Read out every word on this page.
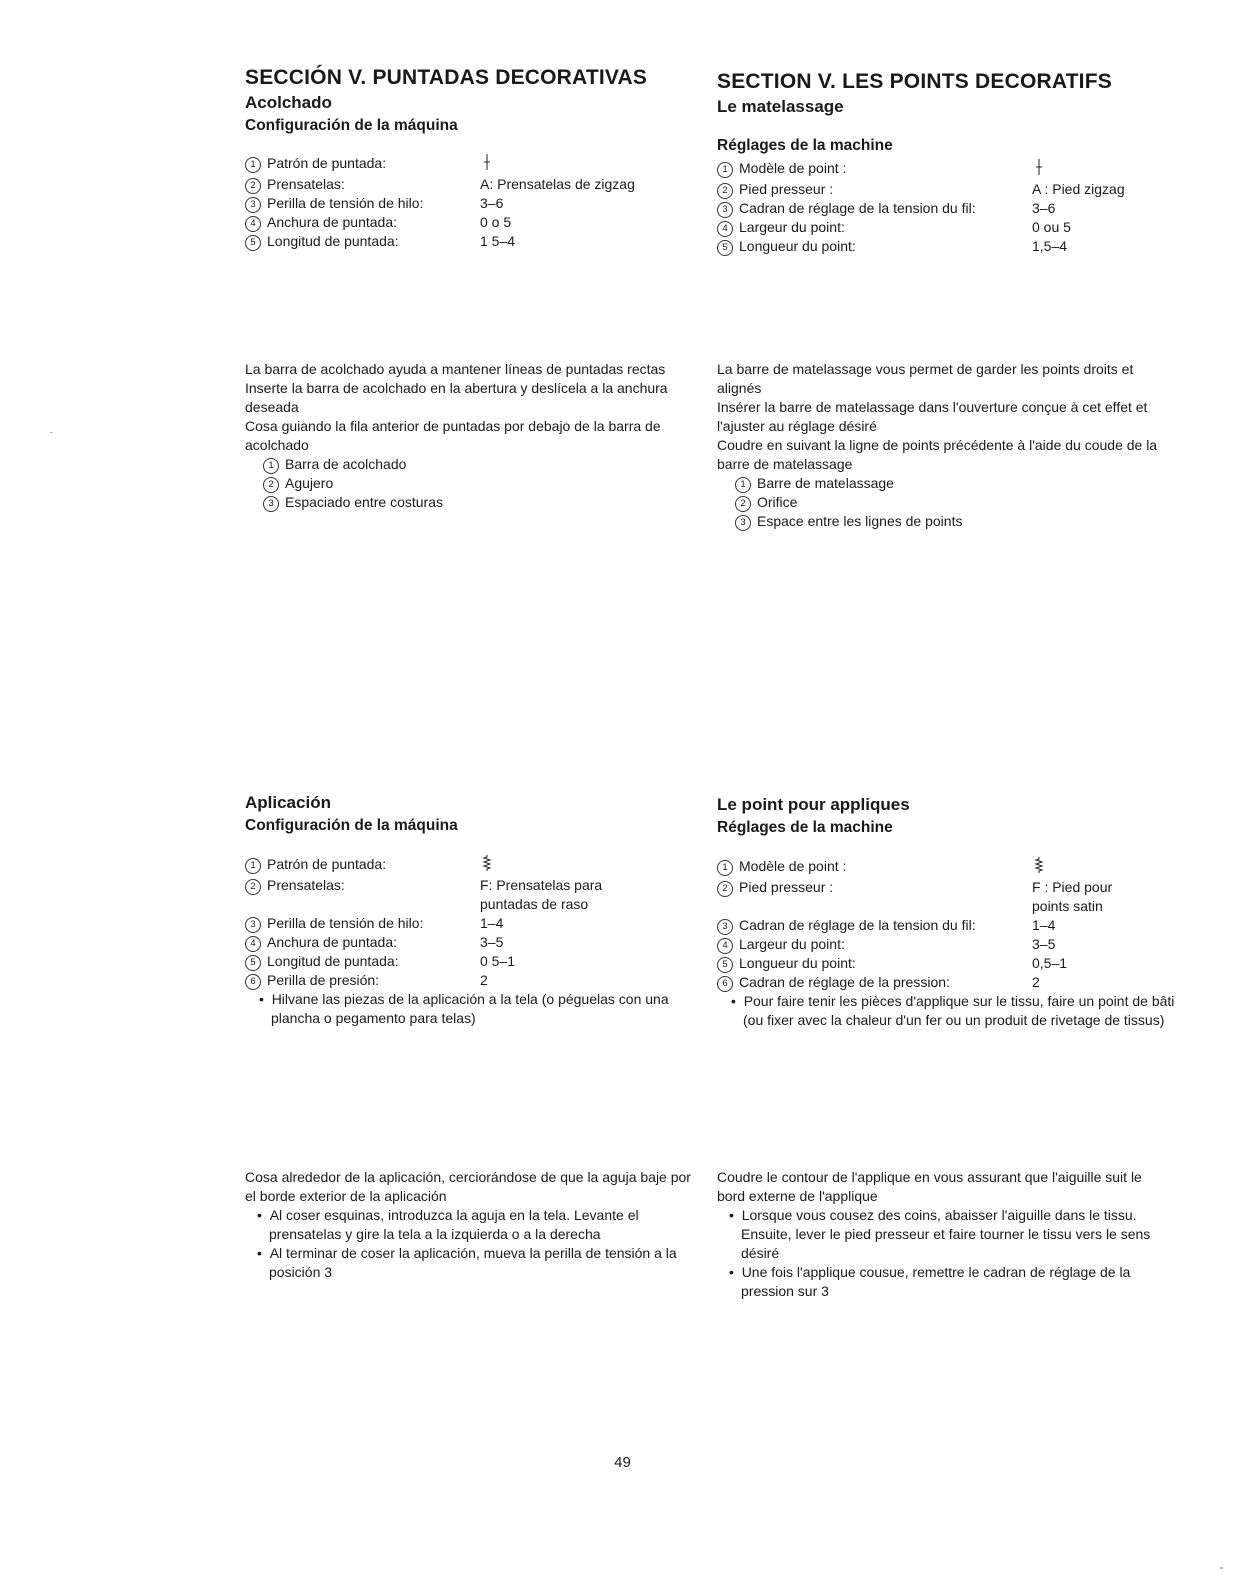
SECCIÓN V. PUNTADAS DECORATIVAS
Acolchado
Configuración de la máquina
1 Patrón de puntada:
2 Prensatelas:	A: Prensatelas de zigzag
3 Perilla de tensión de hilo:	3–6
4 Anchura de puntada:	0 o 5
5 Longitud de puntada:	1 5–4

La barra de acolchado ayuda a mantener líneas de puntadas rectas

Inserte la barra de acolchado en la abertura y deslícela a la anchura deseada

Cosa guiando la fila anterior de puntadas por debajo de la barra de acolchado

1 Barra de acolchado
2 Agujero
3 Espaciado entre costuras
Aplicación
Configuración de la máquina
1 Patrón de puntada:
2 Prensatelas:	F: Prensatelas para
puntadas de raso
3 Perilla de tensión de hilo:	1–4
4 Anchura de puntada:	3–5
5 Longitud de puntada:	0 5–1
6 Perilla de presión:	2

•  Hilvane las piezas de la aplicación a la tela (o péguelas con una plancha o pegamento para telas)

Cosa alrededor de la aplicación, cerciorándose de que la aguja baje por el borde exterior de la aplicación

•  Al coser esquinas, introduzca la aguja en la tela. Levante el prensatelas y gire la tela a la izquierda o a la derecha

•  Al terminar de coser la aplicación, mueva la perilla de tensión a la posición 3

SECTION V. LES POINTS DECORATIFS
Le matelassage
Réglages de la machine
1 Modèle de point :
2 Pied presseur :	A : Pied zigzag
3 Cadran de réglage de la tension du fil:	3–6
4 Largeur du point:	0 ou 5
5 Longueur du point:	1,5–4

La barre de matelassage vous permet de garder les points droits et alignés

Insérer la barre de matelassage dans l'ouverture conçue à cet effet et l'ajuster au réglage désiré

Coudre en suivant la ligne de points précédente à l'aide du coude de la barre de matelassage

1 Barre de matelassage
2 Orifice
3 Espace entre les lignes de points
Le point pour appliques
Réglages de la machine
1 Modèle de point :
2 Pied presseur :	F : Pied pour
points satin
3 Cadran de réglage de la tension du fil:	1–4
4 Largeur du point:	3–5
5 Longueur du point:	0,5–1
6 Cadran de réglage de la pression:	2

•  Pour faire tenir les pièces d'applique sur le tissu, faire un point de bâti (ou fixer avec la chaleur d'un fer ou un produit de rivetage de tissus)

Coudre le contour de l'applique en vous assurant que l'aiguille suit le bord externe de l'applique

•  Lorsque vous cousez des coins, abaisser l'aiguille dans le tissu. Ensuite, lever le pied presseur et faire tourner le tissu vers le sens désiré

•  Une fois l'applique cousue, remettre le cadran de réglage de la pression sur 3

49
